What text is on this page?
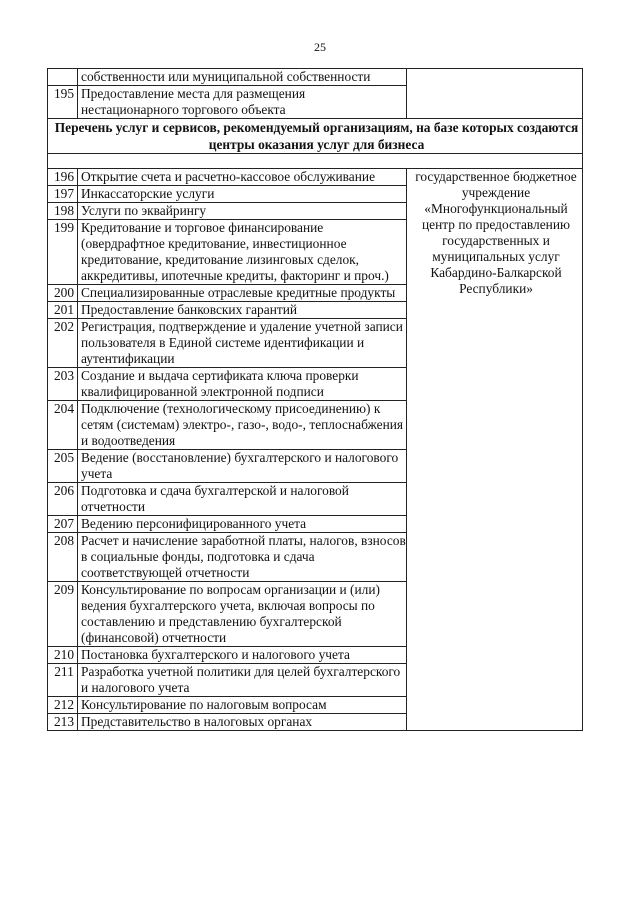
25
	собственности или муниципальной собственности	
195	Предоставление места для размещения нестационарного торгового объекта	
Перечень услуг и сервисов, рекомендуемый организациям, на базе которых создаются центры оказания услуг для бизнеса		

196	Открытие счета и расчетно-кассовое обслуживание	государственное бюджетное учреждение «Многофункциональный центр по предоставлению государственных и муниципальных услуг Кабардино-Балкарской Республики»
197	Инкассаторские услуги	
198	Услуги по эквайрингу	
199	Кредитование и торговое финансирование (овердрафтное кредитование, инвестиционное кредитование, кредитование лизинговых сделок, аккредитивы, ипотечные кредиты, факторинг и проч.)	
200	Специализированные отраслевые кредитные продукты	
201	Предоставление банковских гарантий	
202	Регистрация, подтверждение и удаление учетной записи пользователя в Единой системе идентификации и аутентификации	
203	Создание и выдача сертификата ключа проверки квалифицированной электронной подписи	
204	Подключение (технологическому присоединению) к сетям (системам) электро-, газо-, водо-, теплоснабжения и водоотведения	
205	Ведение (восстановление) бухгалтерского и налогового учета	
206	Подготовка и сдача бухгалтерской и налоговой отчетности	
207	Ведению персонифицированного учета	
208	Расчет и начисление заработной платы, налогов, взносов в социальные фонды, подготовка и сдача соответствующей отчетности	
209	Консультирование по вопросам организации и (или) ведения бухгалтерского учета, включая вопросы по составлению и представлению бухгалтерской (финансовой) отчетности	
210	Постановка бухгалтерского и налогового учета	
211	Разработка учетной политики для целей бухгалтерского и налогового учета	
212	Консультирование по налоговым вопросам	
213	Представительство в налоговых органах	
